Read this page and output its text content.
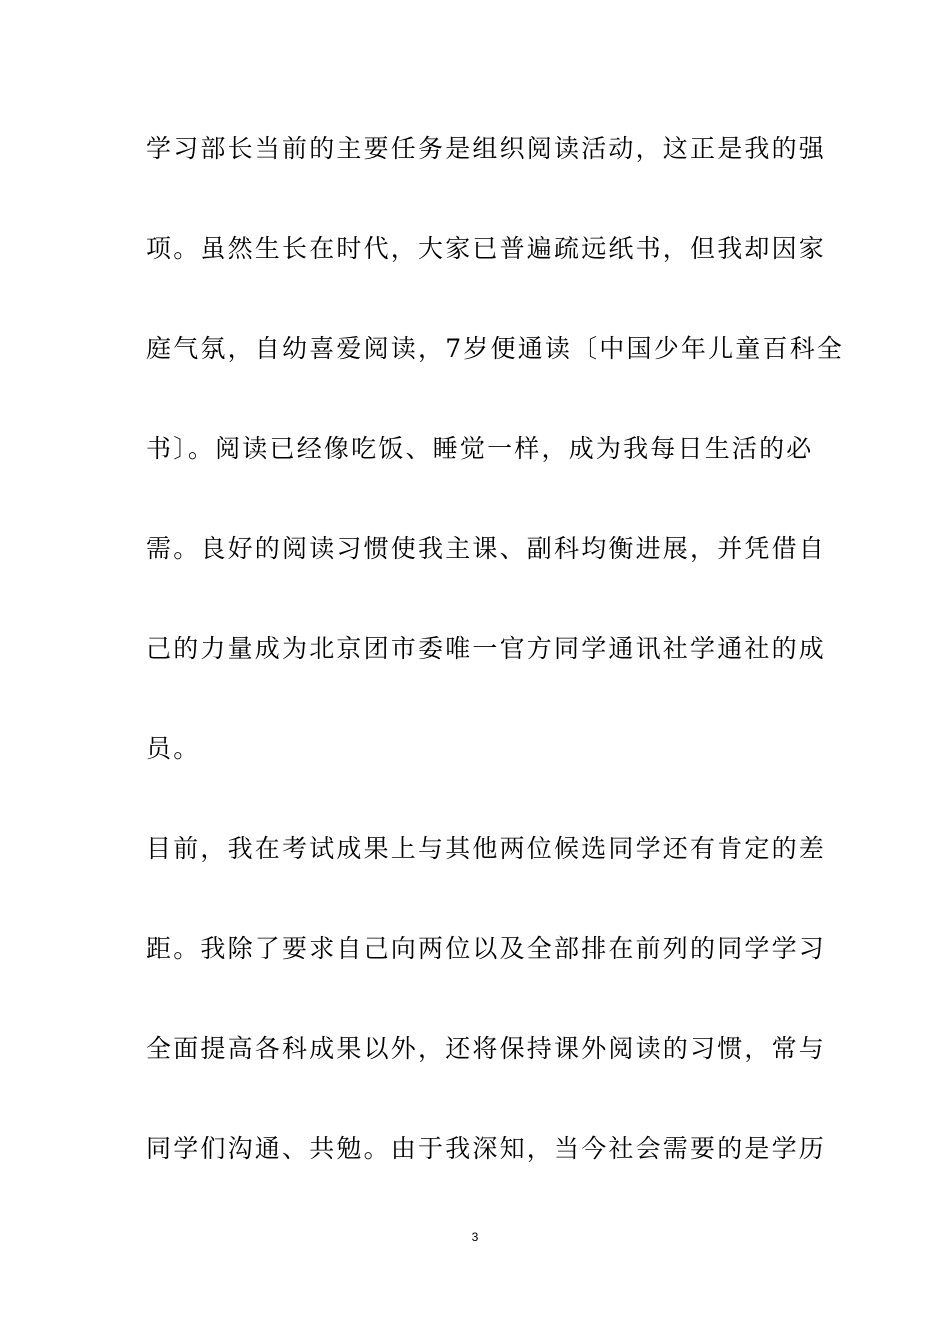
学习部长当前的主要任务是组织阅读活动，这正是我的强
项。虽然生长在时代，大家已普遍疏远纸书，但我却因家
庭气氛，自幼喜爱阅读，7岁便通读〔中国少年儿童百科全
书〕。阅读已经像吃饭、睡觉一样，成为我每日生活的必
需。良好的阅读习惯使我主课、副科均衡进展，并凭借自
己的力量成为北京团市委唯一官方同学通讯社学通社的成
员。
目前，我在考试成果上与其他两位候选同学还有肯定的差
距。我除了要求自己向两位以及全部排在前列的同学学习
全面提高各科成果以外，还将保持课外阅读的习惯，常与
同学们沟通、共勉。由于我深知，当今社会需要的是学历
3
